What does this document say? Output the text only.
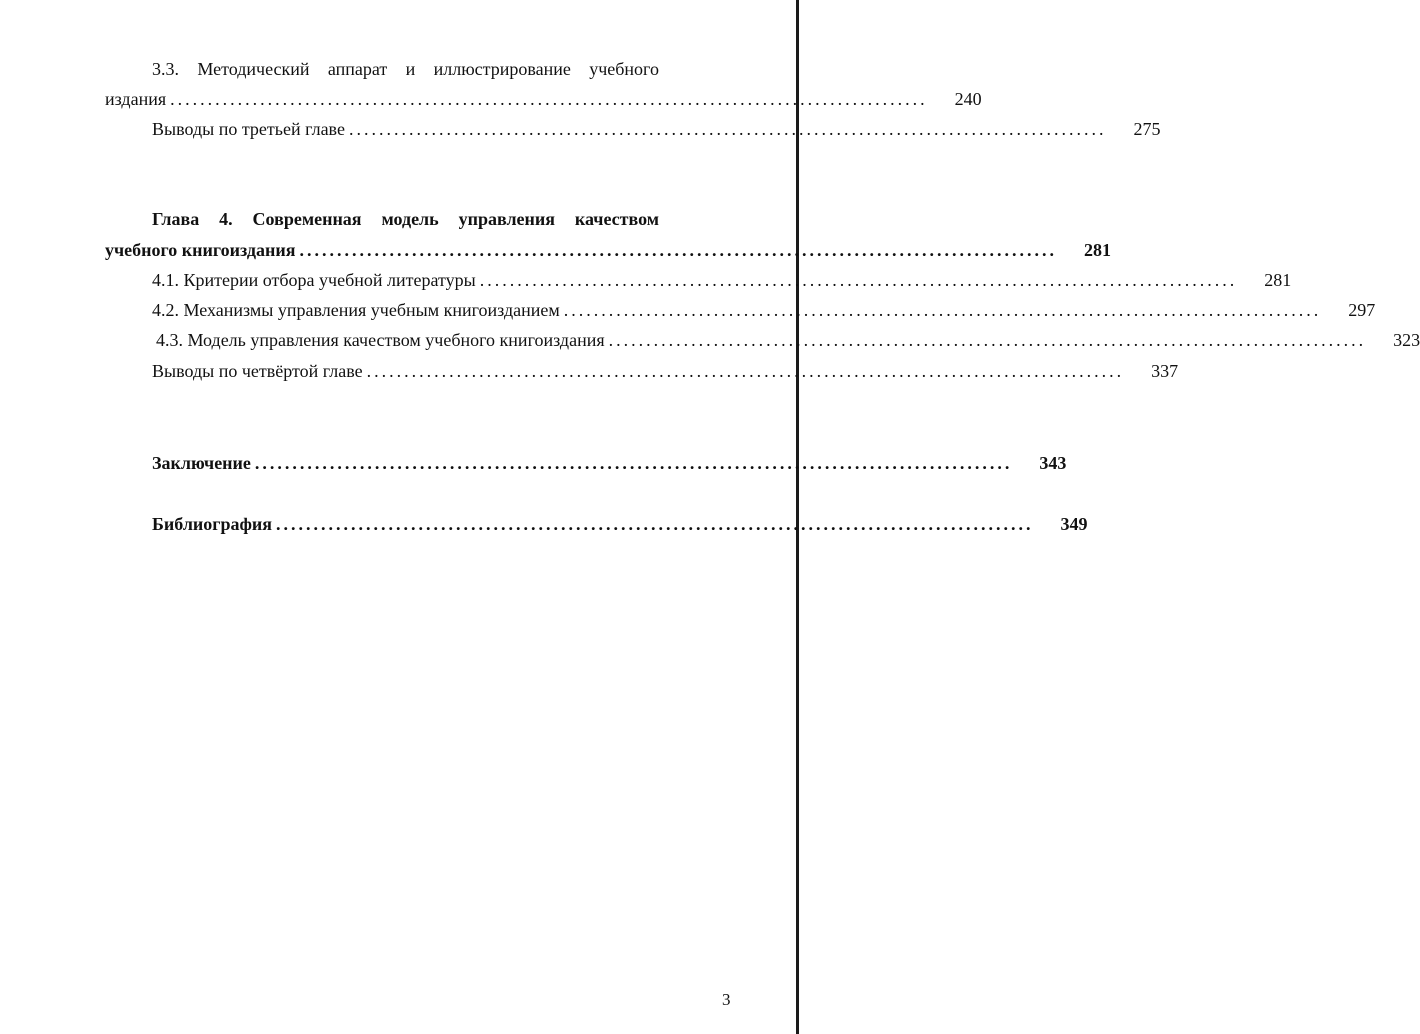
3.3. Методический аппарат и иллюстрирование учебного
издания .....................................................................................................	240
Выводы по третьей главе .....................................................................................................	275
Глава 4. Современная модель управления качеством
учебного книгоиздания .....................................................................................................	281
4.1. Критерии отбора учебной литературы .....................................................................................................	281
4.2. Механизмы управления учебным книгоизданием .....................................................................................................	297
4.3. Модель управления качеством учебного книгоиздания .....................................................................................................	323
Выводы по четвёртой главе .....................................................................................................	337
Заключение .....................................................................................................	343
Библиография .....................................................................................................	349
3
